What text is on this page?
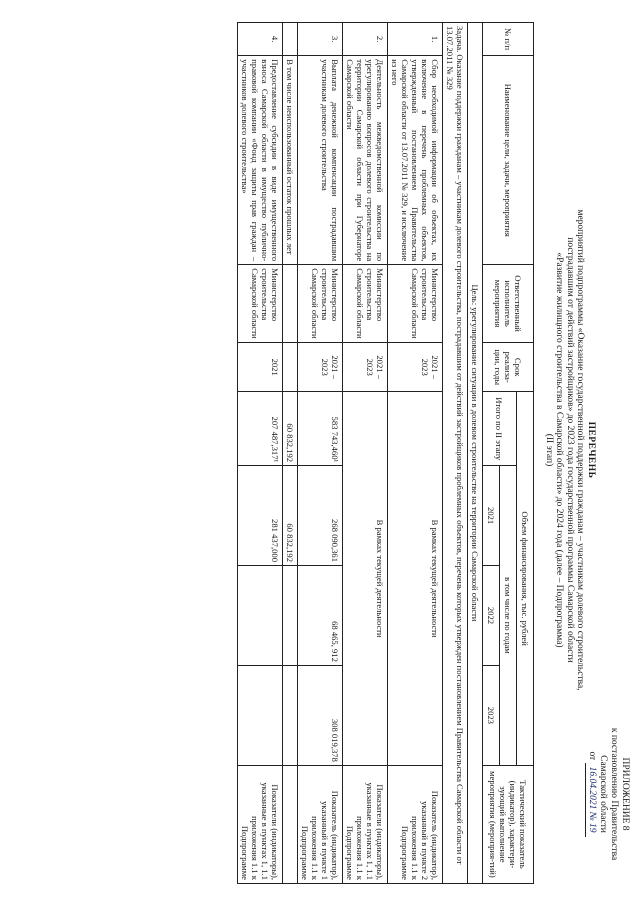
ПРИЛОЖЕНИЕ 8
к постановлению Правительства
Самарской области
от 16.04.2021 № 19
ПЕРЕЧЕНЬ
мероприятий подпрограммы «Оказание государственной поддержки гражданам – участникам долевого строительства,
пострадавшим от действий застройщиков» до 2023 года государственной программы Самарской области
«Развитие жилищного строительства в Самарской области» до 2024 года (далее – Подпрограмма)
(II этап)
№ п/п	Наименование цели, задачи, мероприятия	Ответственный исполнитель мероприятия	Срок реализа-ции, годы	Объем финансирования, тыс. рублей				Тактический показатель (индикатор), характери-зующий выполнение мероприятия (мероприя-тий)
				Итого по II этапу	в том числе по годам			
					2021	2022	2023	
Цель: урегулирование ситуации в долевом строительстве на территории Самарской области								
Задача. Оказание поддержки гражданам – участникам долевого строительства, пострадавшим от действий застройщиков проблемных объектов, перечень которых утвержден постановлением Правительства Самарской области от 13.07.2011 № 329								
1.	Сбор необходимой информации об объектах, их включение в перечень проблемных объектов, утвержденный постановлением Правительства Самарской области от 13.07.2011 № 329, и исключение из него	Министерство строительства Самарской области	2021 – 2023	В рамках текущей деятельности				Показатель (индикатор), указанный в пункте 2 приложения 1.1 к Подпрограмме
2.	Деятельность межведомственной комиссии по урегулированию вопросов долевого строительства на территории Самарской области при Губернаторе Самарской области	Министерство строительства Самарской области	2021 – 2023	В рамках текущей деятельности				Показатели (индикаторы), указанные в пунктах 1, 1.1 приложения 1.1 к Подпрограмме
3.	Выплата денежной компенсации пострадавшим участникам долевого строительства	Министерство строительства Самарской области	2021 – 2023	583 743,460¹	268 090,361	68 465, 912	308 019,378	Показатель (индикатор), указанный в пункте 1 приложения 1.1 к Подпрограмме
	В том числе неиспользованный остаток прошлых лет			60 832,192	60 832,192			
4.	Предоставление субсидии в виде имущественного взноса Самарской области в имущество публично-правовой компании «Фонд защиты прав граждан – участников долевого строительства»	Министерство строительства Самарской области	2021	207 487,317¹	281 437,000			Показатели (индикаторы), указанные в пунктах 1, 1.1 приложения 1.1 к Подпрограмме
